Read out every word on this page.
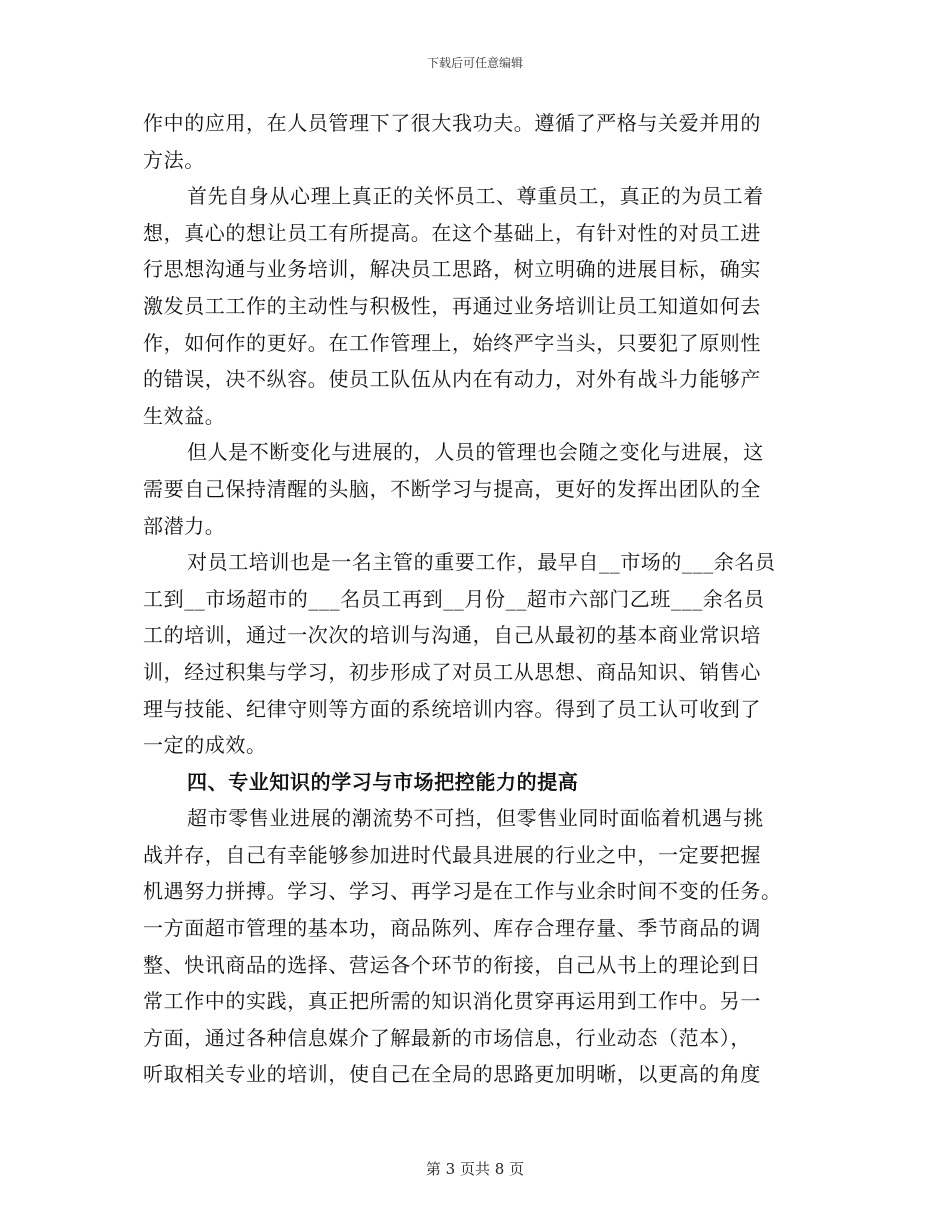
下载后可任意编辑
作中的应用，在人员管理下了很大我功夫。遵循了严格与关爱并用的
方法。
首先自身从心理上真正的关怀员工、尊重员工，真正的为员工着
想，真心的想让员工有所提高。在这个基础上，有针对性的对员工进
行思想沟通与业务培训，解决员工思路，树立明确的进展目标，确实
激发员工工作的主动性与积极性，再通过业务培训让员工知道如何去
作，如何作的更好。在工作管理上，始终严字当头，只要犯了原则性
的错误，决不纵容。使员工队伍从内在有动力，对外有战斗力能够产
生效益。
但人是不断变化与进展的，人员的管理也会随之变化与进展，这
需要自己保持清醒的头脑，不断学习与提高，更好的发挥出团队的全
部潜力。
对员工培训也是一名主管的重要工作，最早自__市场的___余名员
工到__市场超市的___名员工再到__月份__超市六部门乙班___余名员
工的培训，通过一次次的培训与沟通，自己从最初的基本商业常识培
训，经过积集与学习，初步形成了对员工从思想、商品知识、销售心
理与技能、纪律守则等方面的系统培训内容。得到了员工认可收到了
一定的成效。
四、专业知识的学习与市场把控能力的提高
超市零售业进展的潮流势不可挡，但零售业同时面临着机遇与挑
战并存，自己有幸能够参加进时代最具进展的行业之中，一定要把握
机遇努力拼搏。学习、学习、再学习是在工作与业余时间不变的任务。
一方面超市管理的基本功，商品陈列、库存合理存量、季节商品的调
整、快讯商品的选择、营运各个环节的衔接，自己从书上的理论到日
常工作中的实践，真正把所需的知识消化贯穿再运用到工作中。另一
方面，通过各种信息媒介了解最新的市场信息，行业动态（范本），
听取相关专业的培训，使自己在全局的思路更加明晰，以更高的角度
第 3 页共 8 页
